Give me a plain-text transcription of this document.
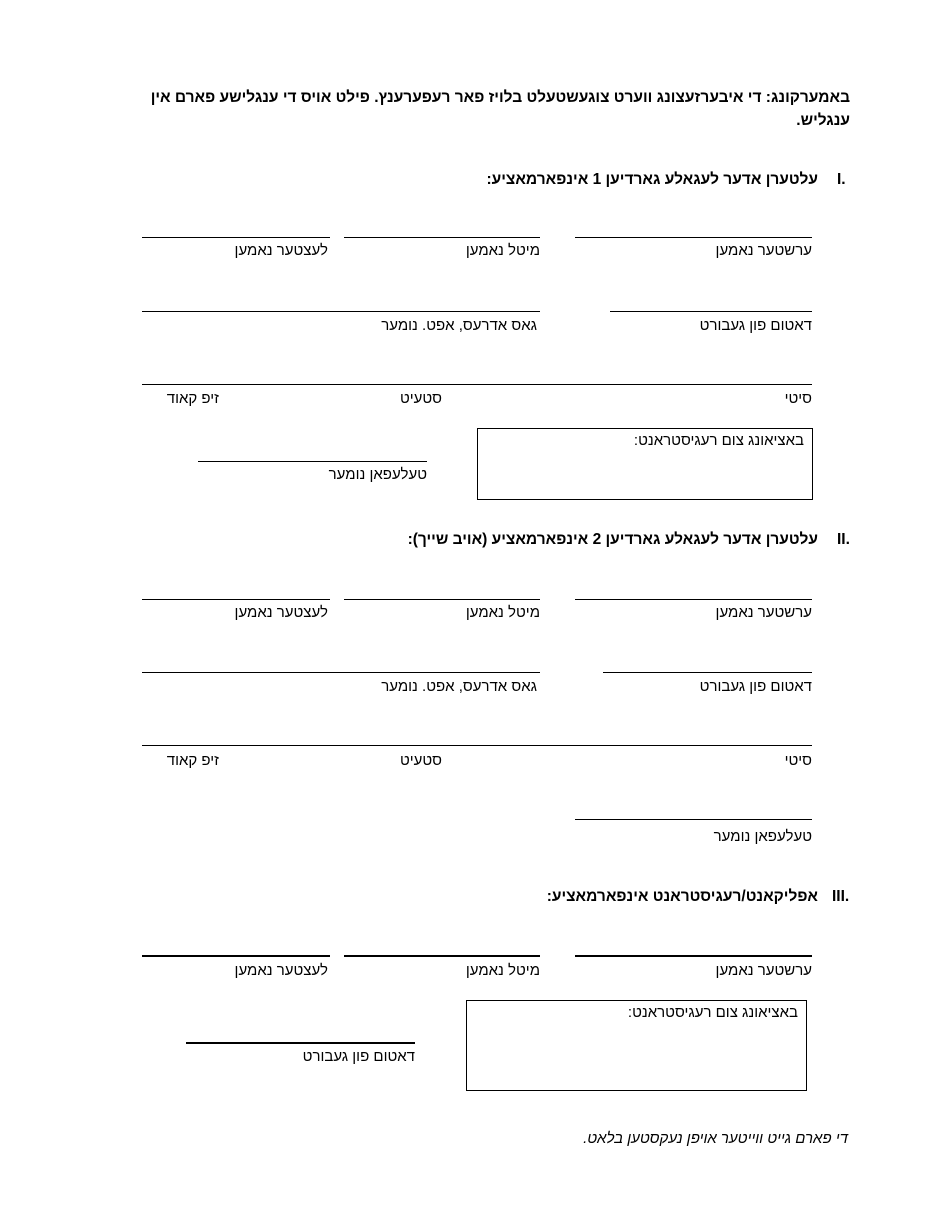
באמערקונג: די איבערזעצונג ווערט צוגעשטעלט בלויז פאר רעפערענץ. פילט אויס די ענגלישע פארם אין ענגליש.
I.
עלטערן אדער לעגאלע גארדיען 1 אינפארמאציע:
ערשטער נאמען
מיטל נאמען
לעצטער נאמען
דאטום פון געבורט
גאס אדרעס, אפט. נומער
סיטי
סטעיט
זיפ קאוד
באציאונג צום רעגיסטראנט:
טעלעפאן נומער
II.
עלטערן אדער לעגאלע גארדיען 2 אינפארמאציע (אויב שייך):
ערשטער נאמען
מיטל נאמען
לעצטער נאמען
דאטום פון געבורט
גאס אדרעס, אפט. נומער
סיטי
סטעיט
זיפ קאוד
טעלעפאן נומער
III.
אפליקאנט/רעגיסטראנט אינפארמאציע:
ערשטער נאמען
מיטל נאמען
לעצטער נאמען
באציאונג צום רעגיסטראנט:
דאטום פון געבורט
די פארם גייט ווייטער אויפן נעקסטען בלאט.
